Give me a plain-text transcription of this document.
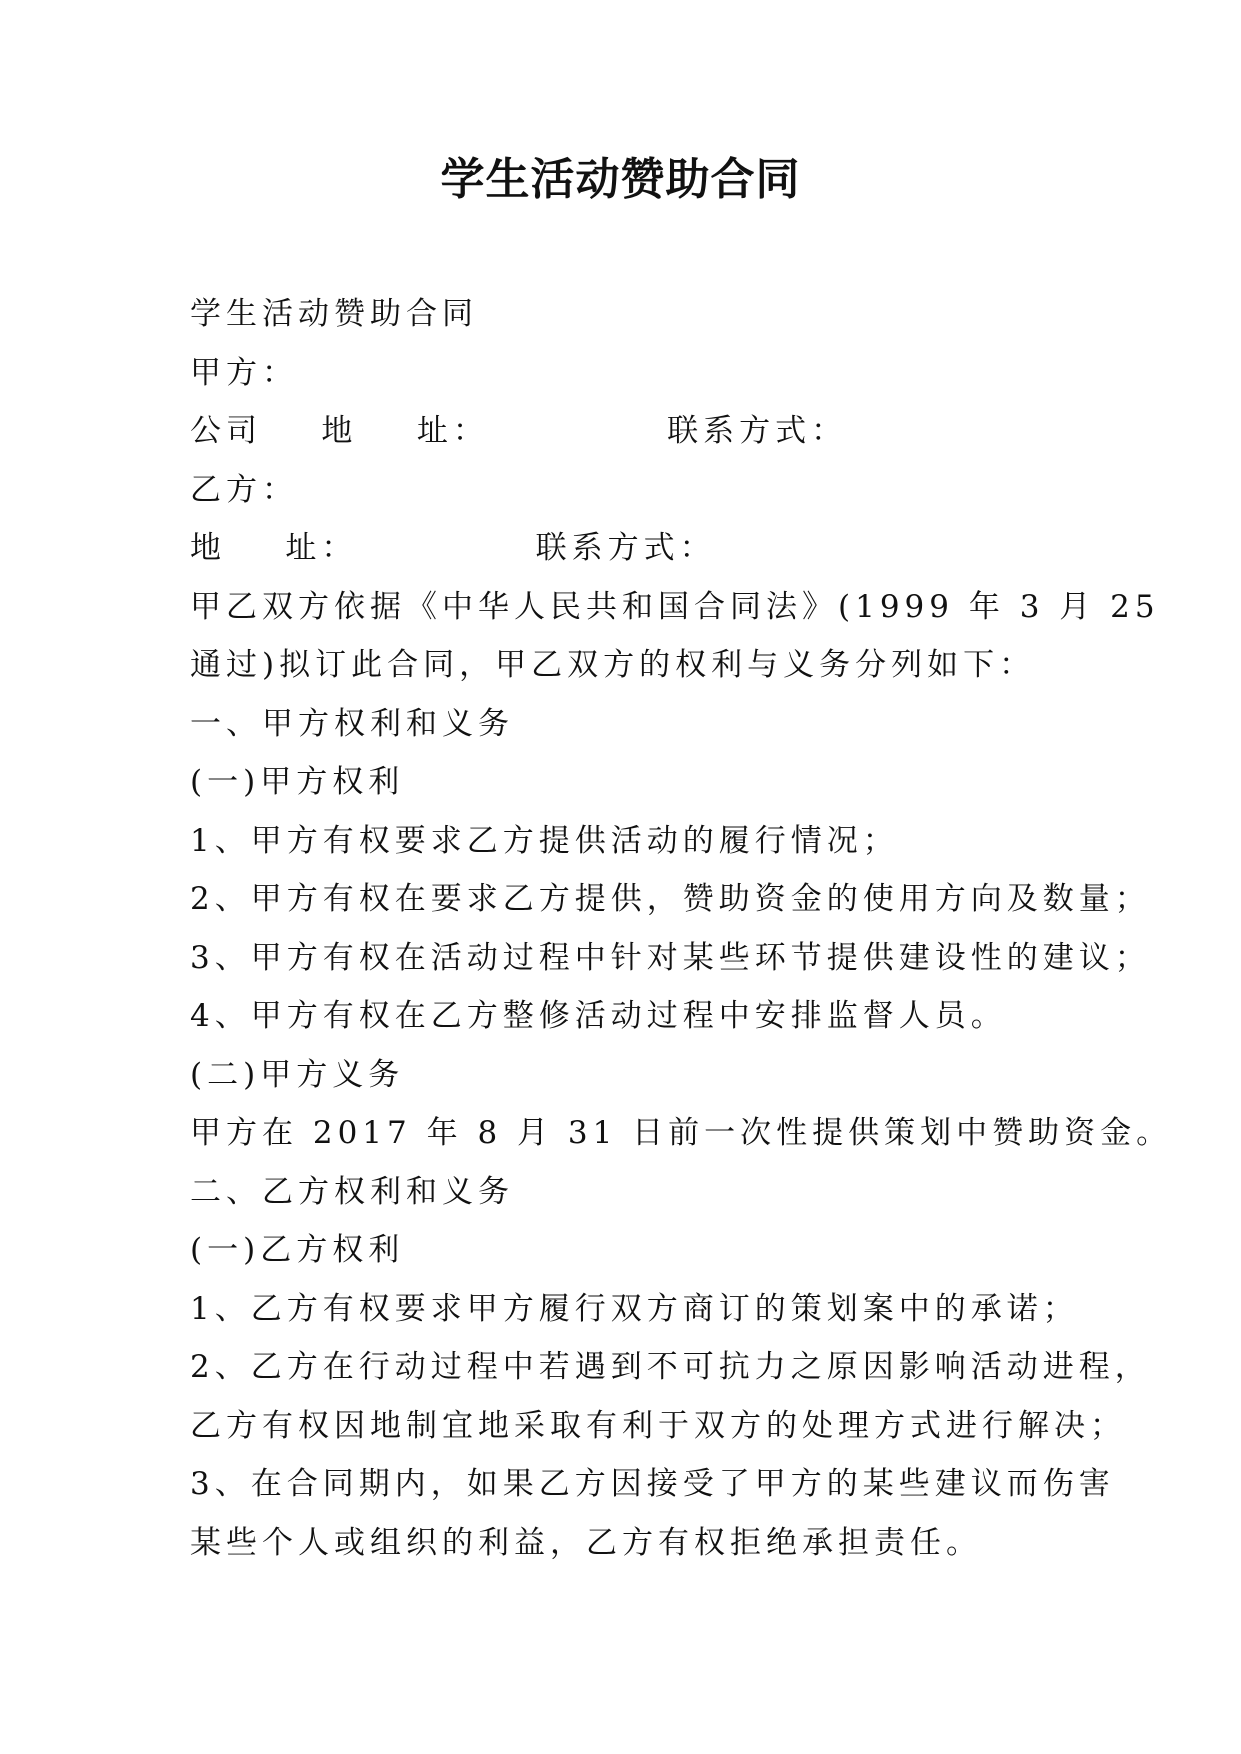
学生活动赞助合同

学生活动赞助合同

甲方：

公司    地    址：            联系方式：

乙方：

地    址：            联系方式：

甲乙双方依据《中华人民共和国合同法》(1999 年 3 月 25

通过)拟订此合同，甲乙双方的权利与义务分列如下：

一、甲方权利和义务

(一)甲方权利

1、甲方有权要求乙方提供活动的履行情况；

2、甲方有权在要求乙方提供，赞助资金的使用方向及数量；

3、甲方有权在活动过程中针对某些环节提供建设性的建议；

4、甲方有权在乙方整修活动过程中安排监督人员。

(二)甲方义务

甲方在 2017 年 8 月 31 日前一次性提供策划中赞助资金。

二、乙方权利和义务

(一)乙方权利

1、乙方有权要求甲方履行双方商订的策划案中的承诺；

2、乙方在行动过程中若遇到不可抗力之原因影响活动进程，

乙方有权因地制宜地采取有利于双方的处理方式进行解决；

3、在合同期内，如果乙方因接受了甲方的某些建议而伤害

某些个人或组织的利益，乙方有权拒绝承担责任。
